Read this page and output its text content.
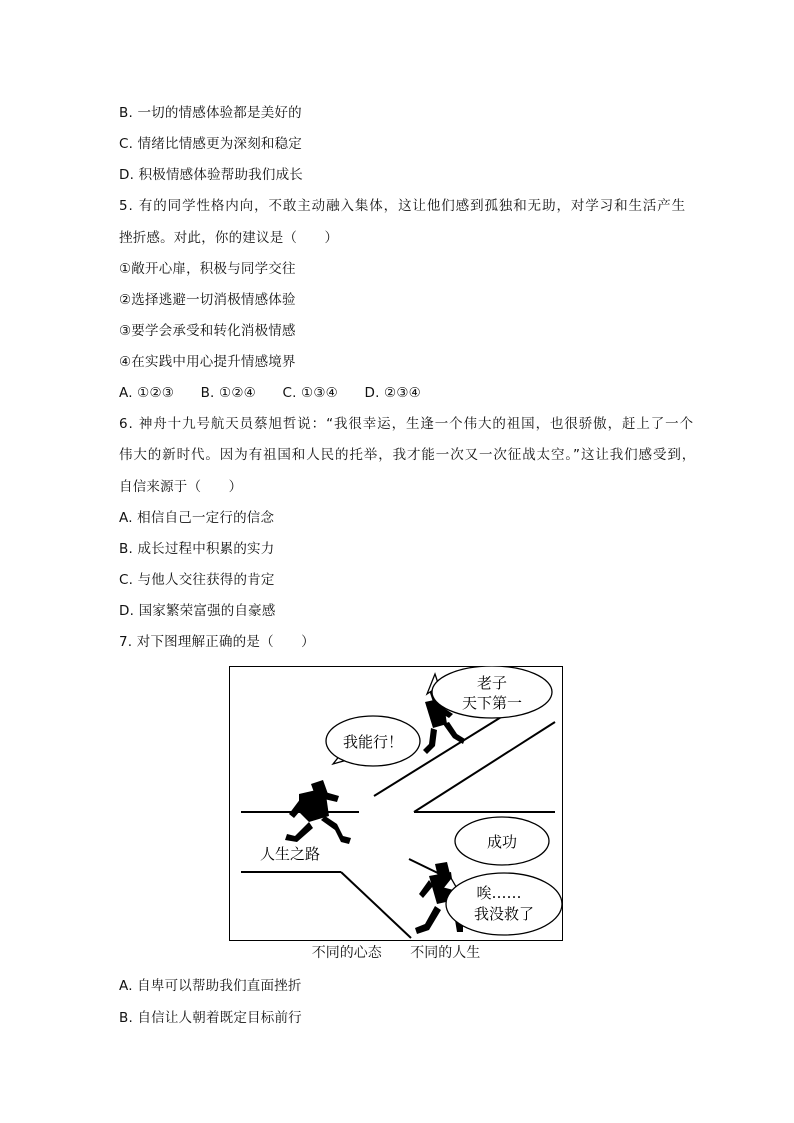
B. 一切的情感体验都是美好的
C. 情绪比情感更为深刻和稳定
D. 积极情感体验帮助我们成长
5. 有的同学性格内向，不敢主动融入集体，这让他们感到孤独和无助，对学习和生活产生
挫折感。对此，你的建议是（　　）
①敞开心扉，积极与同学交往
②选择逃避一切消极情感体验
③要学会承受和转化消极情感
④在实践中用心提升情感境界
A. ①②③ B. ①②④ C. ①③④ D. ②③④
6. 神舟十九号航天员蔡旭哲说：“我很幸运，生逢一个伟大的祖国，也很骄傲，赶上了一个
伟大的新时代。因为有祖国和人民的托举，我才能一次又一次征战太空。”这让我们感受到，
自信来源于（　　）
A. 相信自己一定行的信念
B. 成长过程中积累的实力
C. 与他人交往获得的肯定
D. 国家繁荣富强的自豪感
7. 对下图理解正确的是（　　）
老子
天下第一
我能行！
成功
唉……
我没救了
人生之路
不同的心态 不同的人生
A. 自卑可以帮助我们直面挫折
B. 自信让人朝着既定目标前行
